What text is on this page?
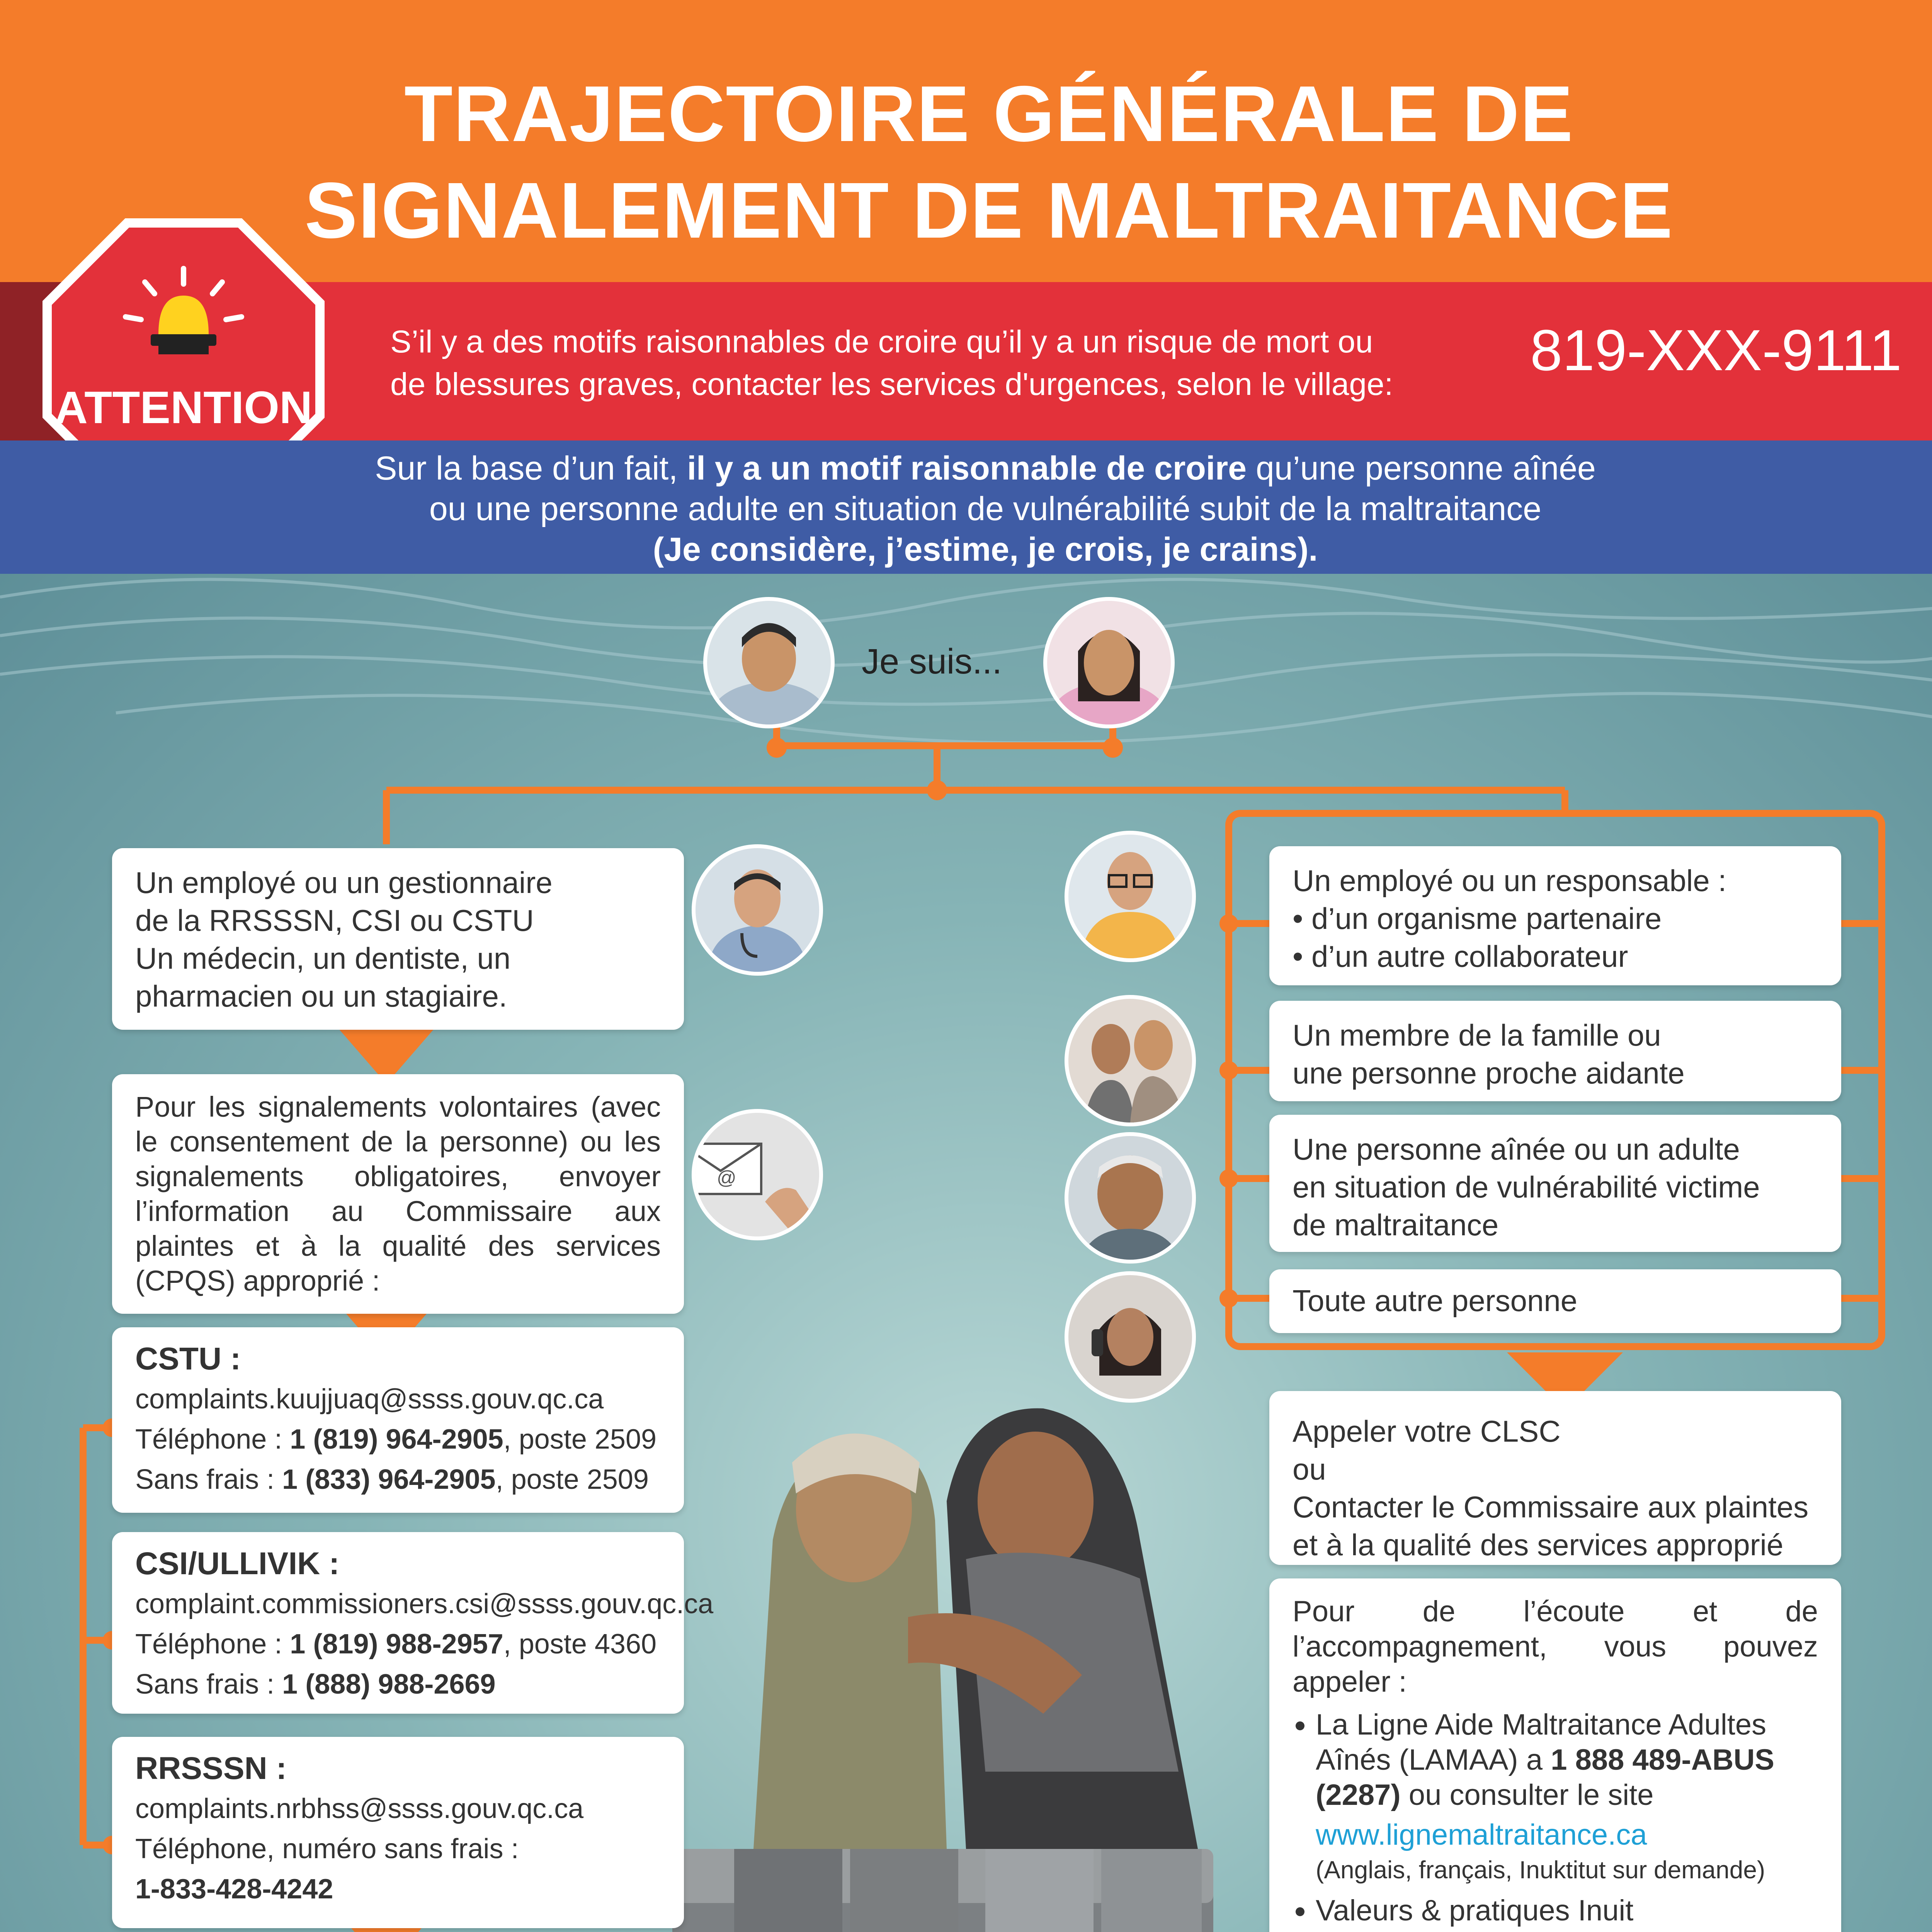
TRAJECTOIRE GÉNÉRALE DE
SIGNALEMENT DE MALTRAITANCE
S’il y a des motifs raisonnables de croire qu’il y a un risque de mort ou
de blessures graves, contacter les services d'urgences, selon le village:
819-XXX-9111
ATTENTION
Sur la base d’un fait, il y a un motif raisonnable de croire qu’une personne aînée
ou une personne adulte en situation de vulnérabilité subit de la maltraitance
(Je considère, j’estime, je crois, je crains).
Je suis...
Un employé ou un gestionnaire
de la RRSSSN, CSI ou CSTU
Un médecin, un dentiste, un
pharmacien ou un stagiaire.
Pour les signalements volontaires (avec le consentement de la personne) ou les signalements obligatoires, envoyer l’information au Commissaire aux plaintes et à la qualité des services (CPQS) approprié :
@
CSTU :
complaints.kuujjuaq@ssss.gouv.qc.ca
Téléphone : 1 (819) 964-2905, poste 2509
Sans frais : 1 (833) 964-2905, poste 2509
CSI/ULLIVIK :
complaint.commissioners.csi@ssss.gouv.qc.ca
Téléphone : 1 (819) 988-2957, poste 4360
Sans frais : 1 (888) 988-2669
RRSSSN :
complaints.nrbhss@ssss.gouv.qc.ca
Téléphone, numéro sans frais :
1-833-428-4242
Un employé ou un responsable :
• d’un organisme partenaire
• d’un autre collaborateur
Un membre de la famille ou
une personne proche aidante
Une personne aînée ou un adulte
en situation de vulnérabilité victime
de maltraitance
Toute autre personne
Appeler votre CLSC
ou
Contacter le Commissaire aux plaintes
et à la qualité des services approprié
Pour de l’écoute et de l’accompagnement, vous pouvez appeler :
• La Ligne Aide Maltraitance Adultes Aînés (LAMAA) a 1 888 489-ABUS (2287) ou consulter le site
www.lignemaltraitance.ca
(Anglais, français, Inuktitut sur demande)
• Valeurs & pratiques Inuit
